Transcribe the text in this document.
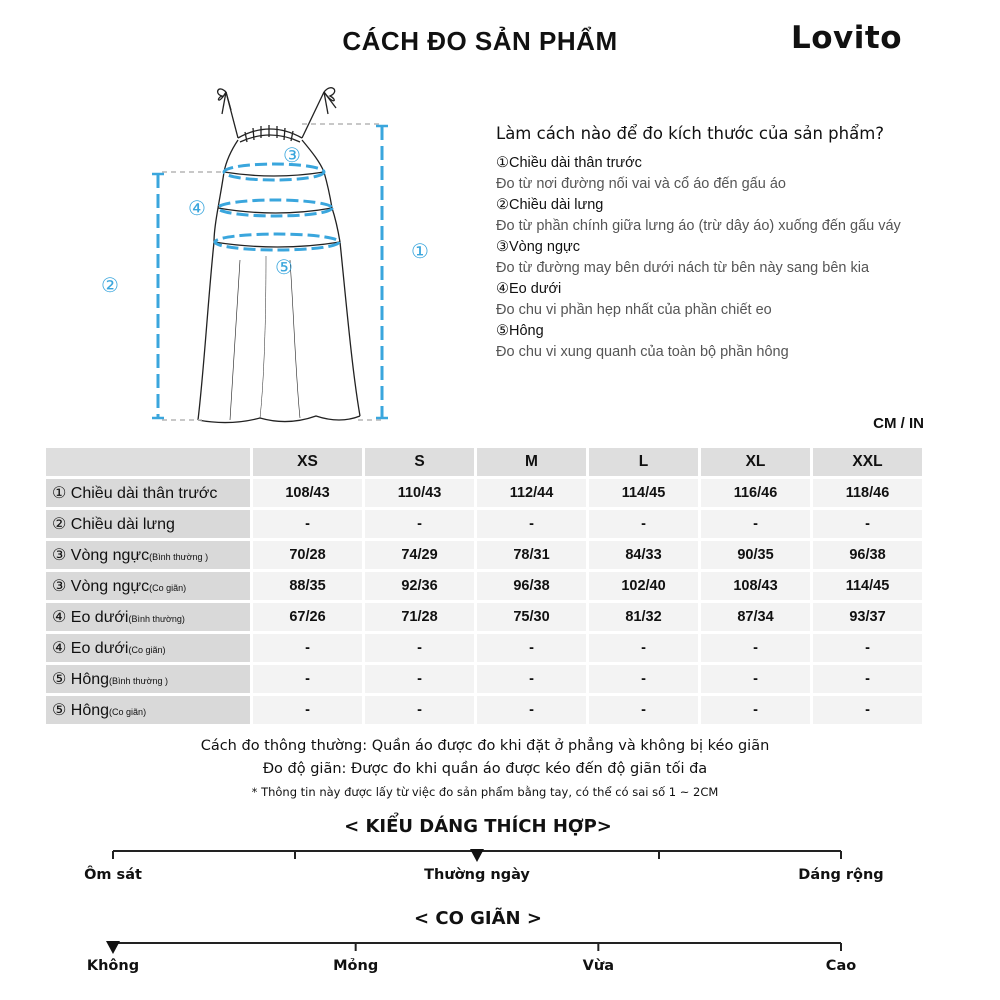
CÁCH ĐO SẢN PHẨM	Lovito
①
②
③
④
⑤
Làm cách nào để đo kích thước của sản phẩm?
①Chiều dài thân trước
Đo từ nơi đường nối vai và cổ áo đến gấu áo
②Chiều dài lưng
Đo từ phần chính giữa lưng áo (trừ dây áo) xuống đến gấu váy
③Vòng ngực
Đo từ đường may bên dưới nách từ bên này sang bên kia
④Eo dưới
Đo chu vi phần hẹp nhất của phần chiết eo
⑤Hông
Đo chu vi xung quanh của toàn bộ phần hông
CM / IN
	XS	S	M	L	XL	XXL
① Chiều dài thân trước	108/43	110/43	112/44	114/45	116/46	118/46
② Chiều dài lưng	-	-	-	-	-	-
③ Vòng ngực(Bình thường )	70/28	74/29	78/31	84/33	90/35	96/38
③ Vòng ngực(Co giãn)	88/35	92/36	96/38	102/40	108/43	114/45
④ Eo dưới(Bình thường)	67/26	71/28	75/30	81/32	87/34	93/37
④ Eo dưới(Co giãn)	-	-	-	-	-	-
⑤ Hông(Bình thường )	-	-	-	-	-	-
⑤ Hông(Co giãn)	-	-	-	-	-	-
Cách đo thông thường: Quần áo được đo khi đặt ở phẳng và không bị kéo giãn
Đo độ giãn: Được đo khi quần áo được kéo đến độ giãn tối đa
* Thông tin này được lấy từ việc đo sản phẩm bằng tay, có thể có sai số 1 ~ 2CM
< KIỂU DÁNG THÍCH HỢP>
< CO GIÃN >
Ôm sát	Thường ngày	Dáng rộng
Không	Mỏng	Vừa	Cao
